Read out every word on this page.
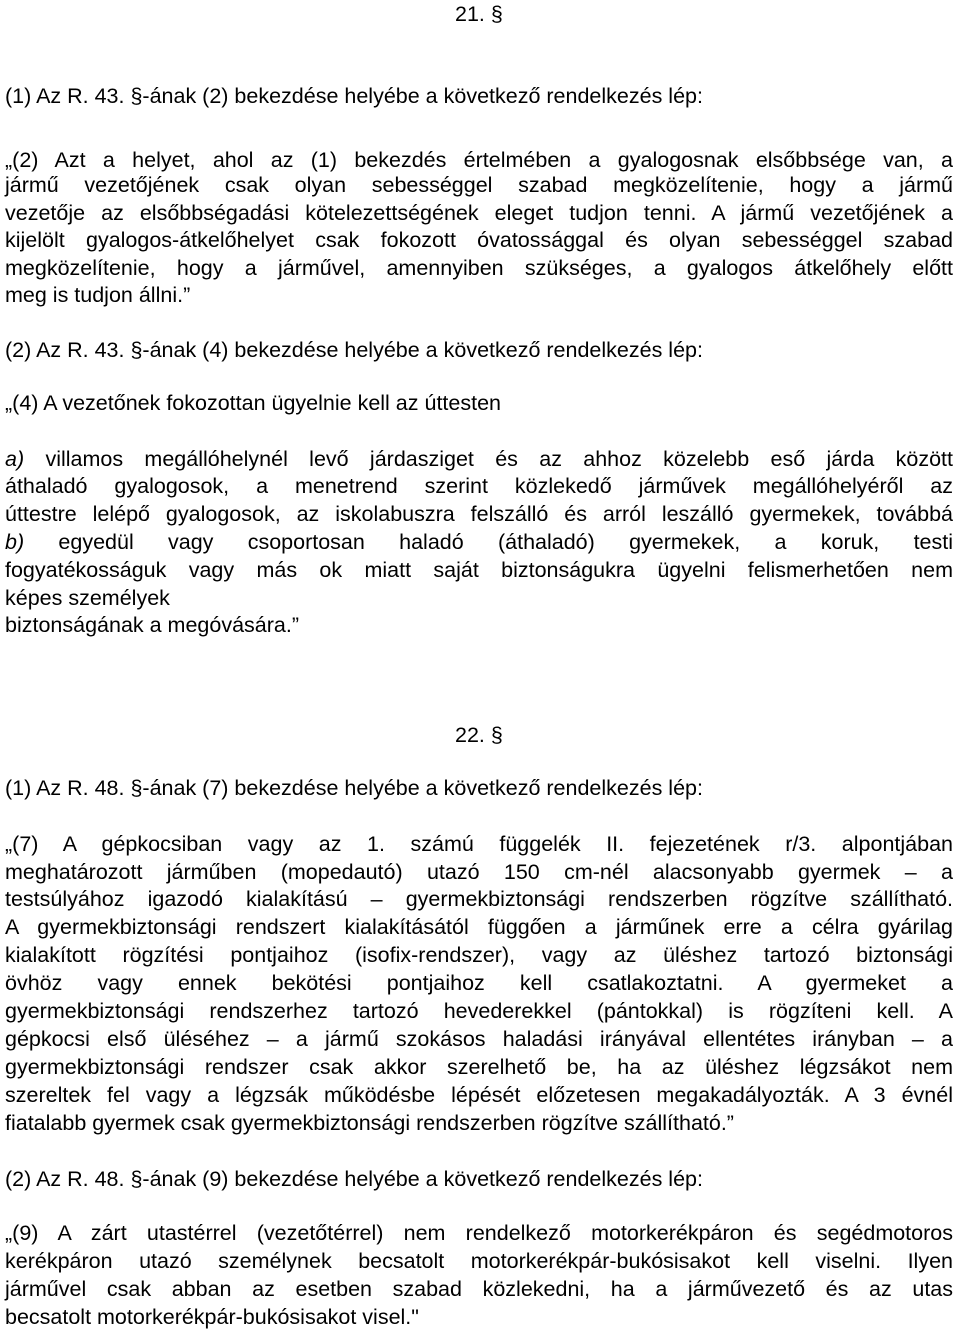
21. §
(1) Az R. 43. §-ának (2) bekezdése helyébe a következő rendelkezés lép:
„(2) Azt a helyet, ahol az (1) bekezdés értelmében a gyalogosnak elsőbbsége van, a
jármű vezetőjének csak olyan sebességgel szabad megközelítenie, hogy a jármű
vezetője az elsőbbségadási kötelezettségének eleget tudjon tenni. A jármű vezetőjének a
kijelölt gyalogos-átkelőhelyet csak fokozott óvatossággal és olyan sebességgel szabad
megközelítenie, hogy a járművel, amennyiben szükséges, a gyalogos átkelőhely előtt
meg is tudjon állni.”
(2) Az R. 43. §-ának (4) bekezdése helyébe a következő rendelkezés lép:
„(4) A vezetőnek fokozottan ügyelnie kell az úttesten
a) villamos megállóhelynél levő járdasziget és az ahhoz közelebb eső járda között
áthaladó gyalogosok, a menetrend szerint közlekedő járművek megállóhelyéről az
úttestre lelépő gyalogosok, az iskolabuszra felszálló és arról leszálló gyermekek, továbbá
b) egyedül vagy csoportosan haladó (áthaladó) gyermekek, a koruk, testi
fogyatékosságuk vagy más ok miatt saját biztonságukra ügyelni felismerhetően nem
képes személyek
biztonságának a megóvására.”
22. §
(1) Az R. 48. §-ának (7) bekezdése helyébe a következő rendelkezés lép:
„(7) A gépkocsiban vagy az 1. számú függelék II. fejezetének r/3. alpontjában
meghatározott járműben (mopedautó) utazó 150 cm-nél alacsonyabb gyermek – a
testsúlyához igazodó kialakítású – gyermekbiztonsági rendszerben rögzítve szállítható.
A gyermekbiztonsági rendszert kialakításától függően a járműnek erre a célra gyárilag
kialakított rögzítési pontjaihoz (isofix-rendszer), vagy az üléshez tartozó biztonsági
övhöz vagy ennek bekötési pontjaihoz kell csatlakoztatni. A gyermeket a
gyermekbiztonsági rendszerhez tartozó hevederekkel (pántokkal) is rögzíteni kell. A
gépkocsi első üléséhez – a jármű szokásos haladási irányával ellentétes irányban – a
gyermekbiztonsági rendszer csak akkor szerelhető be, ha az üléshez légzsákot nem
szereltek fel vagy a légzsák működésbe lépését előzetesen megakadályozták. A 3 évnél
fiatalabb gyermek csak gyermekbiztonsági rendszerben rögzítve szállítható.”
(2) Az R. 48. §-ának (9) bekezdése helyébe a következő rendelkezés lép:
„(9) A zárt utastérrel (vezetőtérrel) nem rendelkező motorkerékpáron és segédmotoros
kerékpáron utazó személynek becsatolt motorkerékpár-bukósisakot kell viselni. Ilyen
járművel csak abban az esetben szabad közlekedni, ha a járművezető és az utas
becsatolt motorkerékpár-bukósisakot visel."
